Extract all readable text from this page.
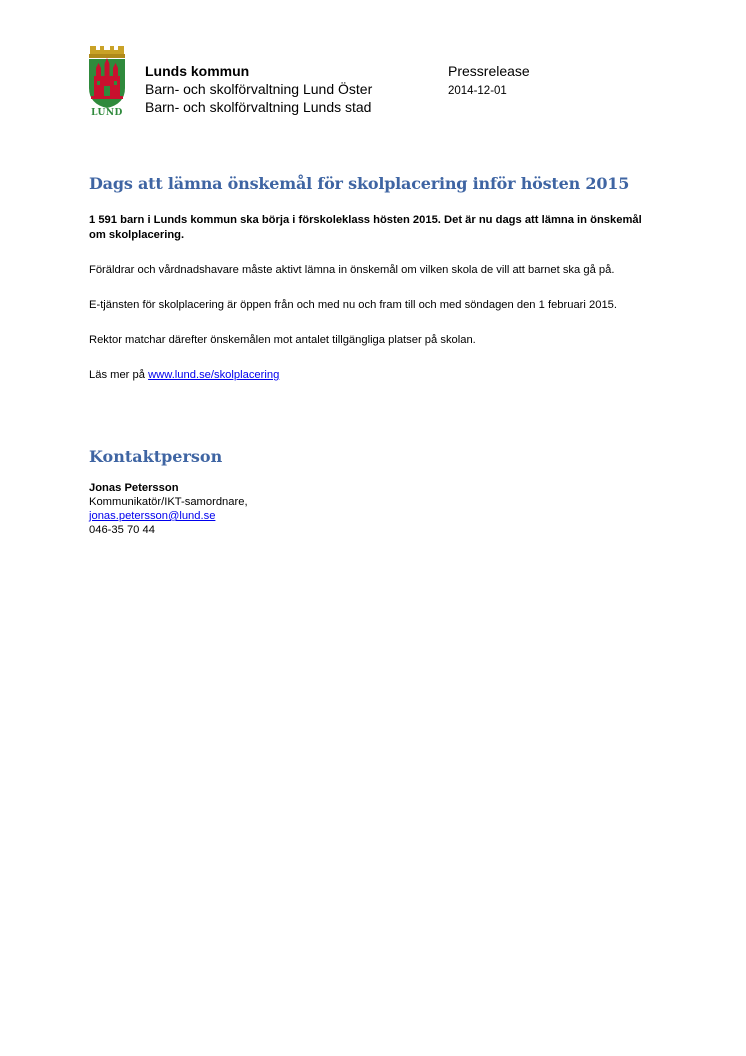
LUND
Lunds kommun
Barn- och skolförvaltning Lund Öster
Barn- och skolförvaltning Lunds stad
Pressrelease
2014-12-01
Dags att lämna önskemål för skolplacering inför hösten 2015

1 591 barn i Lunds kommun ska börja i förskoleklass hösten 2015. Det är nu dags att lämna in önskemål om skolplacering.

Föräldrar och vårdnadshavare måste aktivt lämna in önskemål om vilken skola de vill att barnet ska gå på.

E-tjänsten för skolplacering är öppen från och med nu och fram till och med söndagen den 1 februari 2015.

Rektor matchar därefter önskemålen mot antalet tillgängliga platser på skolan.

Läs mer på www.lund.se/skolplacering

Kontaktperson
Jonas Petersson
Kommunikatör/IKT-samordnare,
jonas.petersson@lund.se
046-35 70 44
